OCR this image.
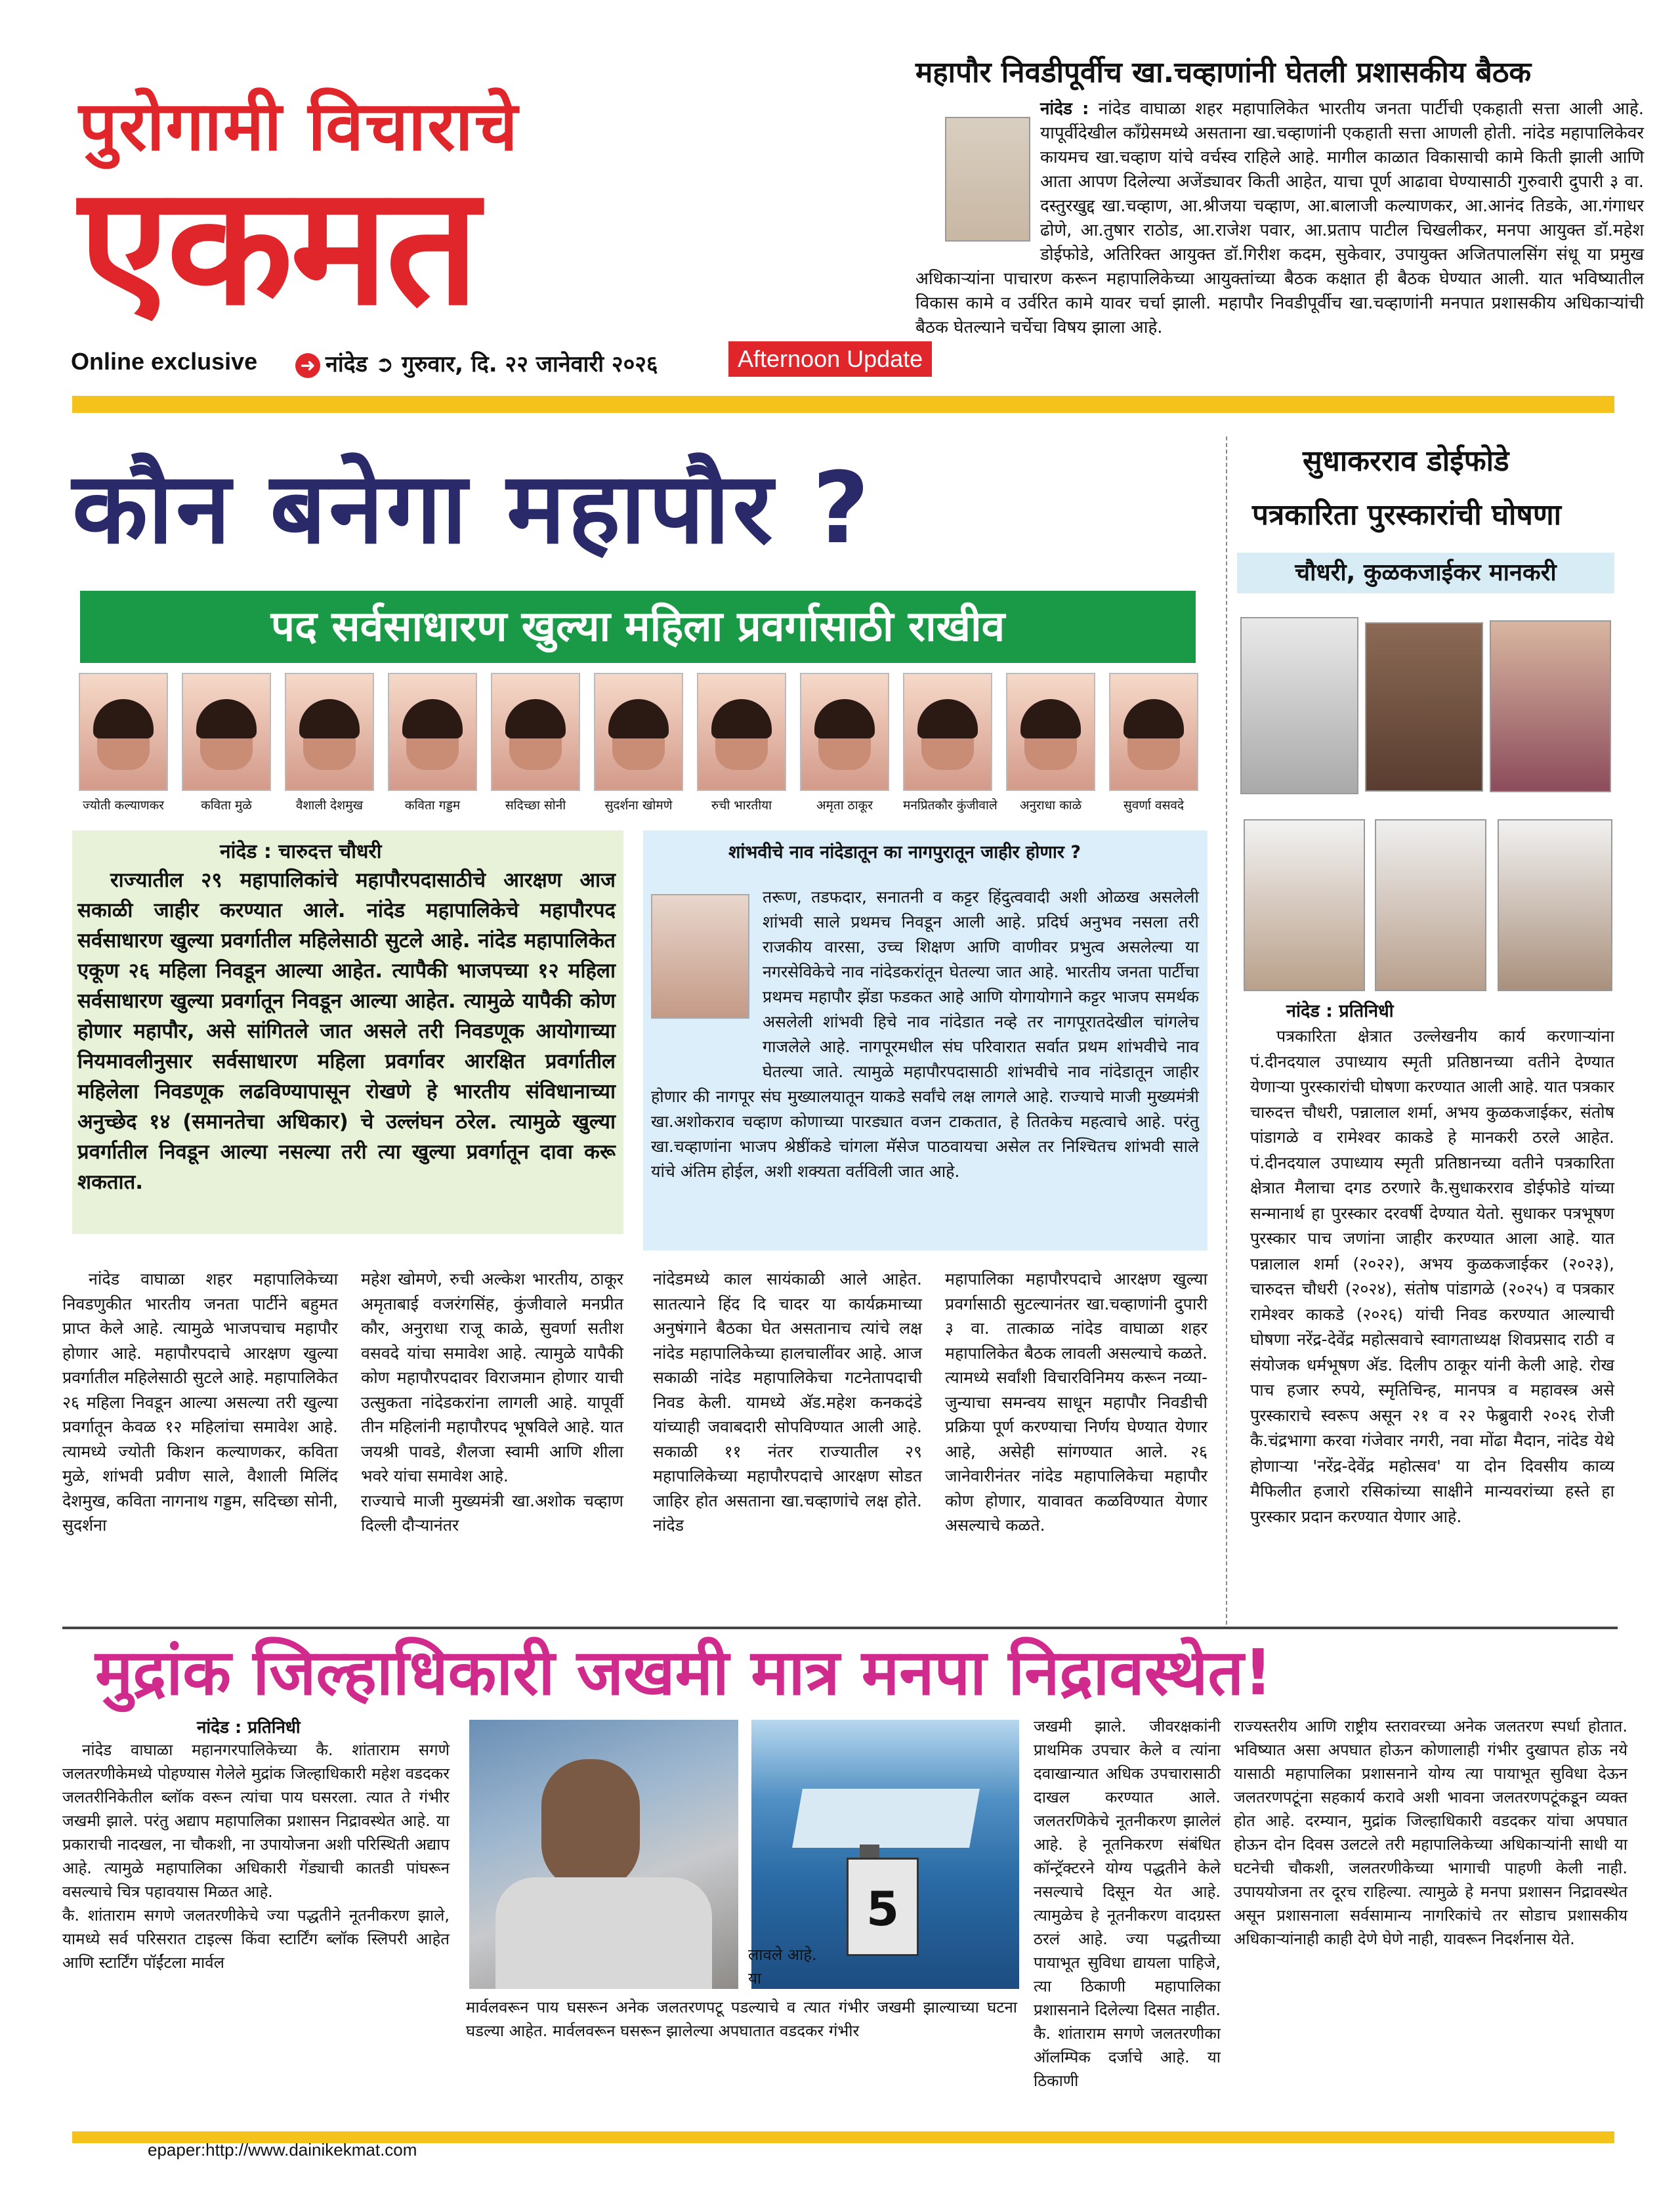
पुरोगामी विचाराचे
एकमत
Online exclusive ➜ नांदेड ➲ गुरुवार, दि. २२ जानेवारी २०२६	Afternoon Update
महापौर निवडीपूर्वीच खा.चव्हाणांनी घेतली प्रशासकीय बैठक
नांदेड : नांदेड वाघाळा शहर महापालिकेत भारतीय जनता पार्टीची एकहाती सत्ता आली आहे. यापूर्वीदेखील काँग्रेसमध्ये असताना खा.चव्हाणांनी एकहाती सत्ता आणली होती. नांदेड महापालिकेवर कायमच खा.चव्हाण यांचे वर्चस्व राहिले आहे. मागील काळात विकासाची कामे किती झाली आणि आता आपण दिलेल्या अजेंड्यावर किती आहेत, याचा पूर्ण आढावा घेण्यासाठी गुरुवारी दुपारी ३ वा. दस्तुरखुद्द खा.चव्हाण, आ.श्रीजया चव्हाण, आ.बालाजी कल्याणकर, आ.आनंद तिडके, आ.गंगाधर ढोणे, आ.तुषार राठोड, आ.राजेश पवार, आ.प्रताप पाटील चिखलीकर, मनपा आयुक्त डॉ.महेश डोईफोडे, अतिरिक्त आयुक्त डॉ.गिरीश कदम, सुकेवार, उपायुक्त अजितपालसिंग संधू या प्रमुख अधिकाऱ्यांना पाचारण करून महापालिकेच्या आयुक्तांच्या बैठक कक्षात ही बैठक घेण्यात आली. यात भविष्यातील विकास कामे व उर्वरित कामे यावर चर्चा झाली. महापौर निवडीपूर्वीच खा.चव्हाणांनी मनपात प्रशासकीय अधिकाऱ्यांची बैठक घेतल्याने चर्चेचा विषय झाला आहे.
कौन बनेगा महापौर ?
पद सर्वसाधारण खुल्या महिला प्रवर्गासाठी राखीव
ज्योती कल्याणकर	कविता मुळे	वैशाली देशमुख	कविता गड्डम	सदिच्छा सोनी	सुदर्शना खोमणे	रुची भारतीया	अमृता ठाकूर	मनप्रितकौर कुंजीवाले	अनुराधा काळे	सुवर्णा वसवदे
नांदेड : चारुदत्त चौधरी
राज्यातील २९ महापालिकांचे महापौरपदासाठीचे आरक्षण आज सकाळी जाहीर करण्यात आले. नांदेड महापालिकेचे महापौरपद सर्वसाधारण खुल्या प्रवर्गातील महिलेसाठी सुटले आहे. नांदेड महापालिकेत एकूण २६ महिला निवडून आल्या आहेत. त्यापैकी भाजपच्या १२ महिला सर्वसाधारण खुल्या प्रवर्गातून निवडून आल्या आहेत. त्यामुळे यापैकी कोण होणार महापौर, असे सांगितले जात असले तरी निवडणूक आयोगाच्या नियमावलीनुसार सर्वसाधारण महिला प्रवर्गावर आरक्षित प्रवर्गातील महिलेला निवडणूक लढविण्यापासून रोखणे हे भारतीय संविधानाच्या अनुच्छेद १४ (समानतेचा अधिकार) चे उल्लंघन ठरेल. त्यामुळे खुल्या प्रवर्गातील निवडून आल्या नसल्या तरी त्या खुल्या प्रवर्गातून दावा करू शकतात.
शांभवीचे नाव नांदेडातून का नागपुरातून जाहीर होणार ?
तरूण, तडफदार, सनातनी व कट्टर हिंदुत्ववादी अशी ओळख असलेली शांभवी साले प्रथमच निवडून आली आहे. प्रदिर्घ अनुभव नसला तरी राजकीय वारसा, उच्च शिक्षण आणि वाणीवर प्रभुत्व असलेल्या या नगरसेविकेचे नाव नांदेडकरांतून घेतल्या जात आहे. भारतीय जनता पार्टीचा प्रथमच महापौर झेंडा फडकत आहे आणि योगायोगाने कट्टर भाजप समर्थक असलेली शांभवी हिचे नाव नांदेडात नव्हे तर नागपूरातदेखील चांगलेच गाजलेले आहे. नागपूरमधील संघ परिवारात सर्वात प्रथम शांभवीचे नाव घेतल्या जाते. त्यामुळे महापौरपदासाठी शांभवीचे नाव नांदेडातून जाहीर होणार की नागपूर संघ मुख्यालयातून याकडे सर्वांचे लक्ष लागले आहे. राज्याचे माजी मुख्यमंत्री खा.अशोकराव चव्हाण कोणाच्या पारड्यात वजन टाकतात, हे तितकेच महत्वाचे आहे. परंतु खा.चव्हाणांना भाजप श्रेष्ठींकडे चांगला मॅसेज पाठवायचा असेल तर निश्चितच शांभवी साले यांचे अंतिम होईल, अशी शक्यता वर्तविली जात आहे.
नांदेड वाघाळा शहर महापालिकेच्या निवडणुकीत भारतीय जनता पार्टीने बहुमत प्राप्त केले आहे. त्यामुळे भाजपचाच महापौर होणार आहे. महापौरपदाचे आरक्षण खुल्या प्रवर्गातील महिलेसाठी सुटले आहे. महापालिकेत २६ महिला निवडून आल्या असल्या तरी खुल्या प्रवर्गातून केवळ १२ महिलांचा समावेश आहे. त्यामध्ये ज्योती किशन कल्याणकर, कविता मुळे, शांभवी प्रवीण साले, वैशाली मिलिंद देशमुख, कविता नागनाथ गड्डम, सदिच्छा सोनी, सुदर्शना
महेश खोमणे, रुची अल्केश भारतीय, ठाकूर अमृताबाई वजरंगसिंह, कुंजीवाले मनप्रीत कौर, अनुराधा राजू काळे, सुवर्णा सतीश वसवदे यांचा समावेश आहे. त्यामुळे यापैकी कोण महापौरपदावर विराजमान होणार याची उत्सुकता नांदेडकरांना लागली आहे. यापूर्वी तीन महिलांनी महापौरपद भूषविले आहे. यात जयश्री पावडे, शैलजा स्वामी आणि शीला भवरे यांचा समावेश आहे.
राज्याचे माजी मुख्यमंत्री खा.अशोक चव्हाण दिल्ली दौऱ्यानंतर
नांदेडमध्ये काल सायंकाळी आले आहेत. सातत्याने हिंद दि चादर या कार्यक्रमाच्या अनुषंगाने बैठका घेत असतानाच त्यांचे लक्ष नांदेड महापालिकेच्या हालचालींवर आहे. आज सकाळी नांदेड महापालिकेचा गटनेतापदाची निवड केली. यामध्ये अ‍ॅड.महेश कनकदंडे यांच्याही जवाबदारी सोपविण्यात आली आहे. सकाळी ११ नंतर राज्यातील २९ महापालिकेच्या महापौरपदाचे आरक्षण सोडत जाहिर होत असताना खा.चव्हाणांचे लक्ष होते. नांदेड
महापालिका महापौरपदाचे आरक्षण खुल्या प्रवर्गासाठी सुटल्यानंतर खा.चव्हाणांनी दुपारी ३ वा. तात्काळ नांदेड वाघाळा शहर महापालिकेत बैठक लावली असल्याचे कळते. त्यामध्ये सर्वांशी विचारविनिमय करून नव्या-जुन्याचा समन्वय साधून महापौर निवडीची प्रक्रिया पूर्ण करण्याचा निर्णय घेण्यात येणार आहे, असेही सांगण्यात आले. २६ जानेवारीनंतर नांदेड महापालिकेचा महापौर कोण होणार, यावावत कळविण्यात येणार असल्याचे कळते.
सुधाकरराव डोईफोडे
पत्रकारिता पुरस्कारांची घोषणा
चौधरी, कुळकजाईकर मानकरी
नांदेड : प्रतिनिधी
पत्रकारिता क्षेत्रात उल्लेखनीय कार्य करणाऱ्यांना पं.दीनदयाल उपाध्याय स्मृती प्रतिष्ठानच्या वतीने देण्यात येणाऱ्या पुरस्कारांची घोषणा करण्यात आली आहे. यात पत्रकार चारुदत्त चौधरी, पन्नालाल शर्मा, अभय कुळकजाईकर, संतोष पांडागळे व रामेश्वर काकडे हे मानकरी ठरले आहेत. पं.दीनदयाल उपाध्याय स्मृती प्रतिष्ठानच्या वतीने पत्रकारिता क्षेत्रात मैलाचा दगड ठरणारे कै.सुधाकरराव डोईफोडे यांच्या सन्मानार्थ हा पुरस्कार दरवर्षी देण्यात येतो. सुधाकर पत्रभूषण पुरस्कार पाच जणांना जाहीर करण्यात आला आहे. यात पन्नालाल शर्मा (२०२२), अभय कुळकजाईकर (२०२३), चारुदत्त चौधरी (२०२४), संतोष पांडागळे (२०२५) व पत्रकार रामेश्वर काकडे (२०२६) यांची निवड करण्यात आल्याची घोषणा नरेंद्र-देवेंद्र महोत्सवाचे स्वागताध्यक्ष शिवप्रसाद राठी व संयोजक धर्मभूषण अ‍ॅड. दिलीप ठाकूर यांनी केली आहे. रोख पाच हजार रुपये, स्मृतिचिन्ह, मानपत्र व महावस्त्र असे पुरस्काराचे स्वरूप असून २१ व २२ फेब्रुवारी २०२६ रोजी कै.चंद्रभागा करवा गंजेवार नगरी, नवा मोंढा मैदान, नांदेड येथे होणाऱ्या 'नरेंद्र-देवेंद्र महोत्सव' या दोन दिवसीय काव्य मैफिलीत हजारो रसिकांच्या साक्षीने मान्यवरांच्या हस्ते हा पुरस्कार प्रदान करण्यात येणार आहे.
मुद्रांक जिल्हाधिकारी जखमी मात्र मनपा निद्रावस्थेत!
नांदेड : प्रतिनिधी
नांदेड वाघाळा महानगरपालिकेच्या कै. शांताराम सगणे जलतरणीकेमध्ये पोहण्यास गेलेले मुद्रांक जिल्हाधिकारी महेश वडदकर जलतरीनिकेतील ब्लॉक वरून त्यांचा पाय घसरला. त्यात ते गंभीर जखमी झाले. परंतु अद्याप महापालिका प्रशासन निद्रावस्थेत आहे. या प्रकाराची नादखल, ना चौकशी, ना उपायोजना अशी परिस्थिती अद्याप आहे. त्यामुळे महापालिका अधिकारी गेंड्याची कातडी पांघरून वसल्याचे चित्र पहावयास मिळत आहे.
कै. शांताराम सगणे जलतरणीकेचे ज्या पद्धतीने नूतनीकरण झाले, यामध्ये सर्व परिसरात टाइल्स किंवा स्टार्टिंग ब्लॉक स्लिपरी आहेत आणि स्टार्टिंग पॉईंटला मार्वल
5
लावले आहे. या
मार्वलवरून पाय घसरून अनेक जलतरणपटू पडल्याचे व त्यात गंभीर जखमी झाल्याच्या घटना घडल्या आहेत. मार्वलवरून घसरून झालेल्या अपघातात वडदकर गंभीर
जखमी झाले. जीवरक्षकांनी प्राथमिक उपचार केले व त्यांना दवाखान्यात अधिक उपचारासाठी दाखल करण्यात आले. जलतरणिकेचे नूतनीकरण झालेलं आहे. हे नूतनिकरण संबंधित कॉन्ट्रॅक्टरने योग्य पद्धतीने केले नसल्याचे दिसून येत आहे. त्यामुळेच हे नूतनीकरण वादग्रस्त ठरलं आहे. ज्या पद्धतीच्या पायाभूत सुविधा द्यायला पाहिजे, त्या ठिकाणी महापालिका प्रशासनाने दिलेल्या दिसत नाहीत. कै. शांताराम सगणे जलतरणीका ऑलम्पिक दर्जाचे आहे. या ठिकाणी
राज्यस्तरीय आणि राष्ट्रीय स्तरावरच्या अनेक जलतरण स्पर्धा होतात. भविष्यात असा अपघात होऊन कोणालाही गंभीर दुखापत होऊ नये यासाठी महापालिका प्रशासनाने योग्य त्या पायाभूत सुविधा देऊन जलतरणपटूंना सहकार्य करावे अशी भावना जलतरणपटूंकडून व्यक्त होत आहे. दरम्यान, मुद्रांक जिल्हाधिकारी वडदकर यांचा अपघात होऊन दोन दिवस उलटले तरी महापालिकेच्या अधिकाऱ्यांनी साधी या घटनेची चौकशी, जलतरणीकेच्या भागाची पाहणी केली नाही. उपाययोजना तर दूरच राहिल्या. त्यामुळे हे मनपा प्रशासन निद्रावस्थेत असून प्रशासनाला सर्वसामान्य नागरिकांचे तर सोडाच प्रशासकीय अधिकाऱ्यांनाही काही देणे घेणे नाही, यावरून निदर्शनास येते.
epaper:http://www.dainikekmat.com
